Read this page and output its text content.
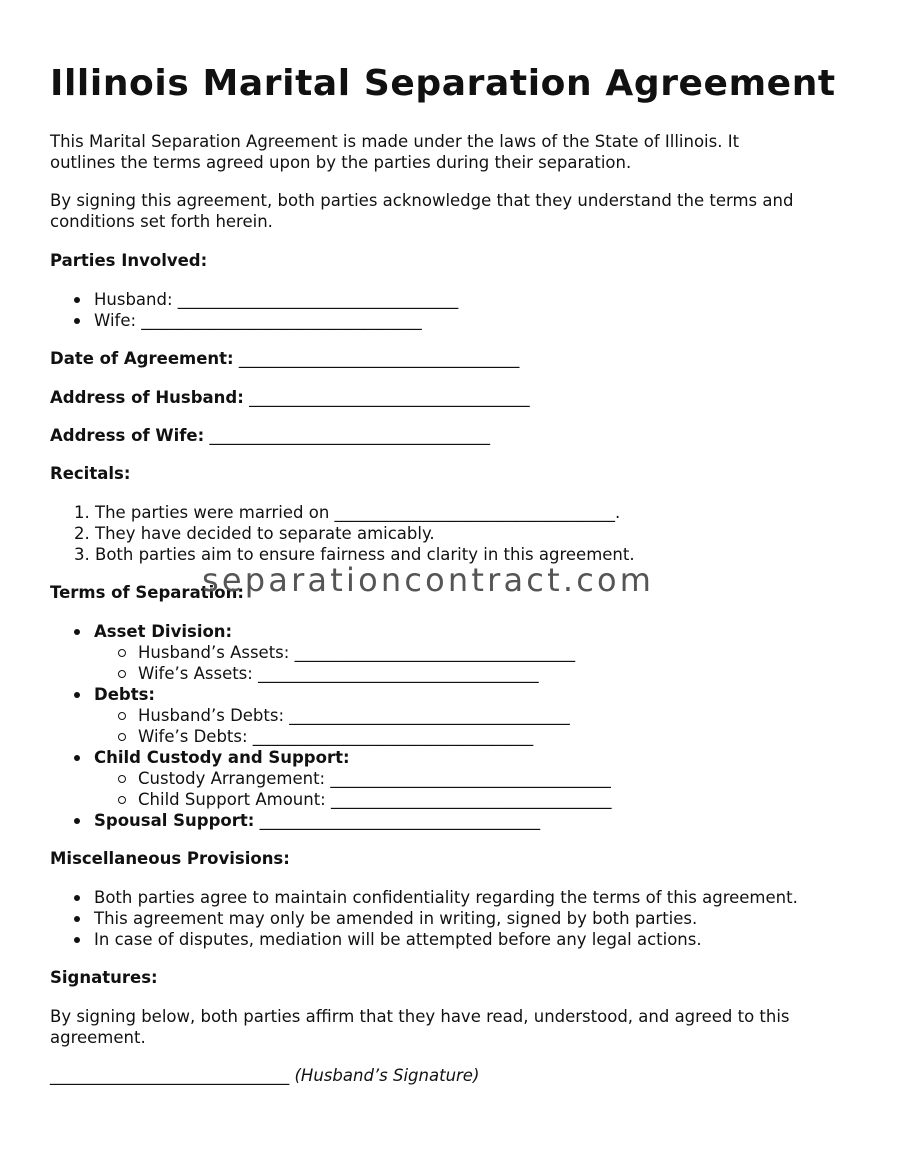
Illinois Marital Separation Agreement

This Marital Separation Agreement is made under the laws of the State of Illinois. It

outlines the terms agreed upon by the parties during their separation.

By signing this agreement, both parties acknowledge that they understand the terms and

conditions set forth herein.

Parties Involved:

Husband: __________________________________
Wife: __________________________________

Date of Agreement: __________________________________

Address of Husband: __________________________________

Address of Wife: __________________________________

Recitals:

1. The parties were married on __________________________________.
2. They have decided to separate amicably.
3. Both parties aim to ensure fairness and clarity in this agreement.

Terms of Separation:

Asset Division:
Husband’s Assets: __________________________________
Wife’s Assets: __________________________________
Debts:
Husband’s Debts: __________________________________
Wife’s Debts: __________________________________
Child Custody and Support:
Custody Arrangement: __________________________________
Child Support Amount: __________________________________
Spousal Support: __________________________________

Miscellaneous Provisions:

Both parties agree to maintain confidentiality regarding the terms of this agreement.
This agreement may only be amended in writing, signed by both parties.
In case of disputes, mediation will be attempted before any legal actions.

Signatures:

By signing below, both parties affirm that they have read, understood, and agreed to this

agreement.

_____________________________ (Husband’s Signature)

separationcontract.com
